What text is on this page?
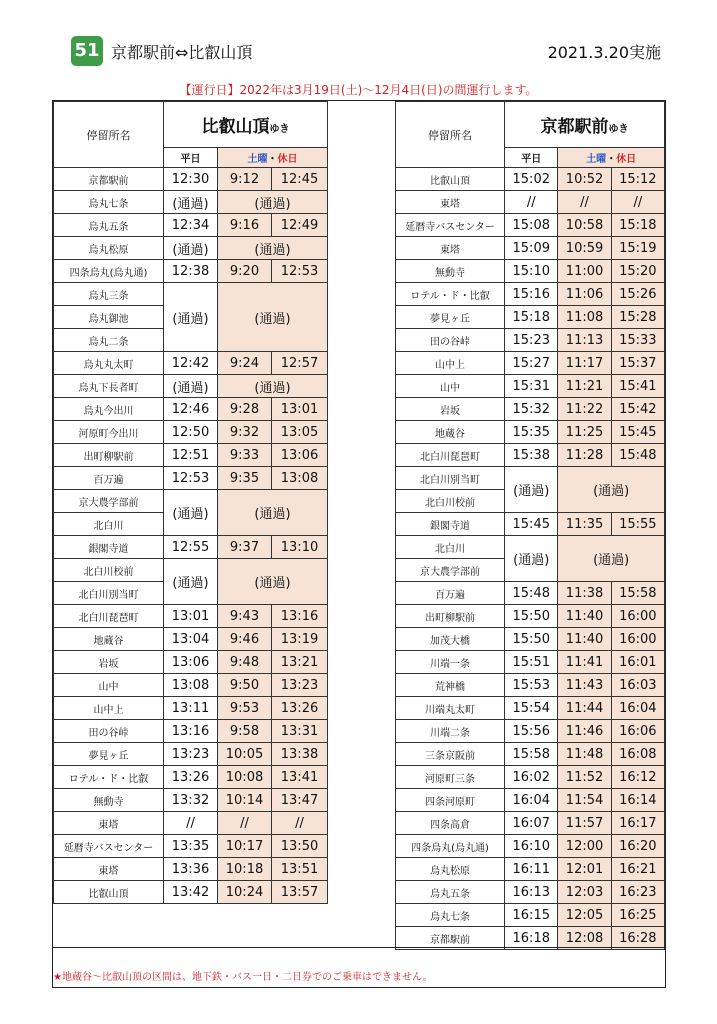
51 京都駅前⇔比叡山頂	2021.3.20実施
【運行日】2022年は3月19日(土)～12月4日(日)の間運行します。
停留所名	比叡山頂ゆき		
	平日	土曜・休日	
京都駅前	12:30	9:12	12:45
烏丸七条	(通過)	(通過)	
烏丸五条	12:34	9:16	12:49
烏丸松原	(通過)	(通過)	
四条烏丸(烏丸通)	12:38	9:20	12:53
烏丸三条	(通過)	(通過)	
烏丸御池			
烏丸二条			
烏丸丸太町	12:42	9:24	12:57
烏丸下長者町	(通過)	(通過)	
烏丸今出川	12:46	9:28	13:01
河原町今出川	12:50	9:32	13:05
出町柳駅前	12:51	9:33	13:06
百万遍	12:53	9:35	13:08
京大農学部前	(通過)	(通過)	
北白川			
銀閣寺道	12:55	9:37	13:10
北白川校前	(通過)	(通過)	
北白川別当町			
北白川琵琶町	13:01	9:43	13:16
地蔵谷	13:04	9:46	13:19
岩坂	13:06	9:48	13:21
山中	13:08	9:50	13:23
山中上	13:11	9:53	13:26
田の谷峠	13:16	9:58	13:31
夢見ヶ丘	13:23	10:05	13:38
ロテル・ド・比叡	13:26	10:08	13:41
無動寺	13:32	10:14	13:47
東塔	//	//	//
延暦寺バスセンター	13:35	10:17	13:50
東塔	13:36	10:18	13:51
比叡山頂	13:42	10:24	13:57
停留所名	京都駅前ゆき		
	平日	土曜・休日	
比叡山頂	15:02	10:52	15:12
東塔	//	//	//
延暦寺バスセンター	15:08	10:58	15:18
東塔	15:09	10:59	15:19
無動寺	15:10	11:00	15:20
ロテル・ド・比叡	15:16	11:06	15:26
夢見ヶ丘	15:18	11:08	15:28
田の谷峠	15:23	11:13	15:33
山中上	15:27	11:17	15:37
山中	15:31	11:21	15:41
岩坂	15:32	11:22	15:42
地蔵谷	15:35	11:25	15:45
北白川琵琶町	15:38	11:28	15:48
北白川別当町	(通過)	(通過)	
北白川校前			
銀閣寺道	15:45	11:35	15:55
北白川	(通過)	(通過)	
京大農学部前			
百万遍	15:48	11:38	15:58
出町柳駅前	15:50	11:40	16:00
加茂大橋	15:50	11:40	16:00
川端一条	15:51	11:41	16:01
荒神橋	15:53	11:43	16:03
川端丸太町	15:54	11:44	16:04
川端二条	15:56	11:46	16:06
三条京阪前	15:58	11:48	16:08
河原町三条	16:02	11:52	16:12
四条河原町	16:04	11:54	16:14
四条高倉	16:07	11:57	16:17
四条烏丸(烏丸通)	16:10	12:00	16:20
烏丸松原	16:11	12:01	16:21
烏丸五条	16:13	12:03	16:23
烏丸七条	16:15	12:05	16:25
京都駅前	16:18	12:08	16:28
★地蔵谷～比叡山頂の区間は、地下鉄・バス一日・二日券でのご乗車はできません。
